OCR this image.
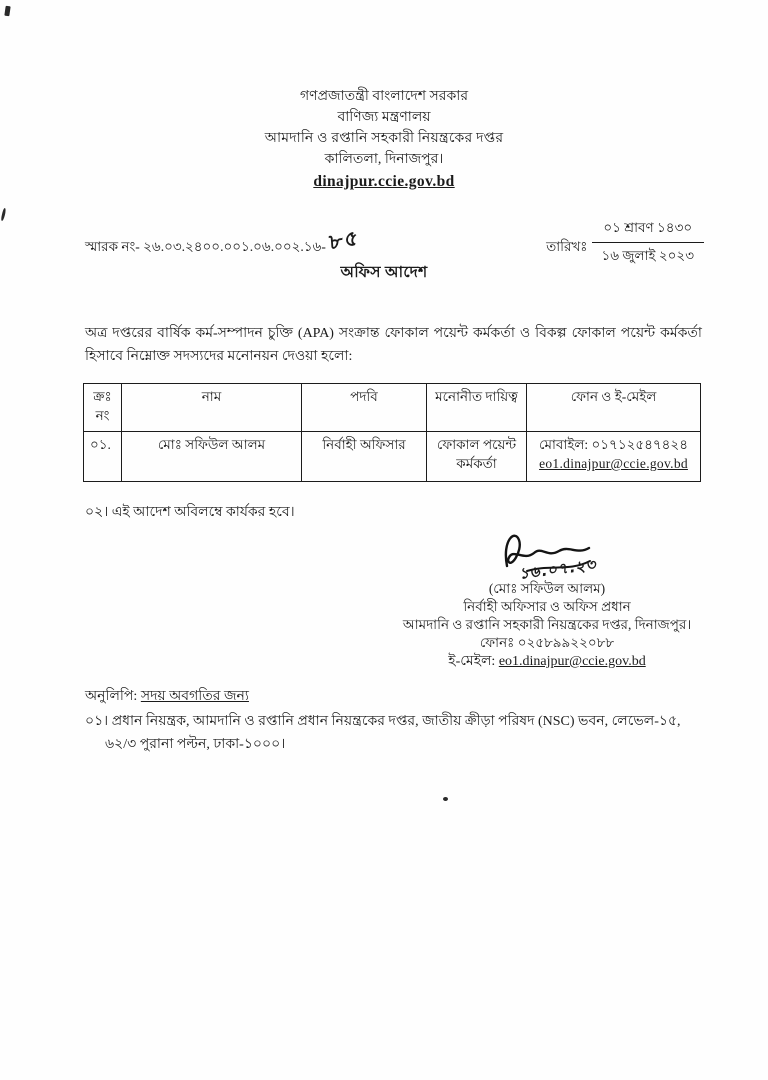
গণপ্রজাতন্ত্রী বাংলাদেশ সরকার
বাণিজ্য মন্ত্রণালয়
আমদানি ও রপ্তানি সহকারী নিয়ন্ত্রকের দপ্তর
কালিতলা, দিনাজপুর।
dinajpur.ccie.gov.bd
স্মারক নং- ২৬.০৩.২৪০০.০০১.০৬.০০২.১৬- ৮৫	তারিখঃ $\frac{\text{০১ শ্রাবণ ১৪৩০}}{\text{১৬ জুলাই ২০২৩}}$
অফিস আদেশ

অত্র দপ্তরের বার্ষিক কর্ম-সম্পাদন চুক্তি (APA) সংক্রান্ত ফোকাল পয়েন্ট কর্মকর্তা ও বিকল্প ফোকাল পয়েন্ট কর্মকর্তা হিসাবে নিম্নোক্ত সদস্যদের মনোনয়ন দেওয়া হলো:

ক্রঃ নং	নাম	পদবি	মনোনীত দায়িত্ব	ফোন ও ই-মেইল
০১.	মোঃ সফিউল আলম	নির্বাহী অফিসার	ফোকাল পয়েন্ট কর্মকর্তা	মোবাইল: ০১৭১২৫৪৭৪২৪
eo1.dinajpur@ccie.gov.bd

০২। এই আদেশ অবিলম্বে কার্যকর হবে।

১৬.০৭.২৩
(মোঃ সফিউল আলম)
নির্বাহী অফিসার ও অফিস প্রধান
আমদানি ও রপ্তানি সহকারী নিয়ন্ত্রকের দপ্তর, দিনাজপুর।
ফোনঃ ০২৫৮৯৯২২০৮৮
ই-মেইল: eo1.dinajpur@ccie.gov.bd
অনুলিপি: সদয় অবগতির জন্য
০১। প্রধান নিয়ন্ত্রক, আমদানি ও রপ্তানি প্রধান নিয়ন্ত্রকের দপ্তর, জাতীয় ক্রীড়া পরিষদ (NSC) ভবন, লেভেল-১৫, ৬২/৩ পুরানা পল্টন, ঢাকা-১০০০।
